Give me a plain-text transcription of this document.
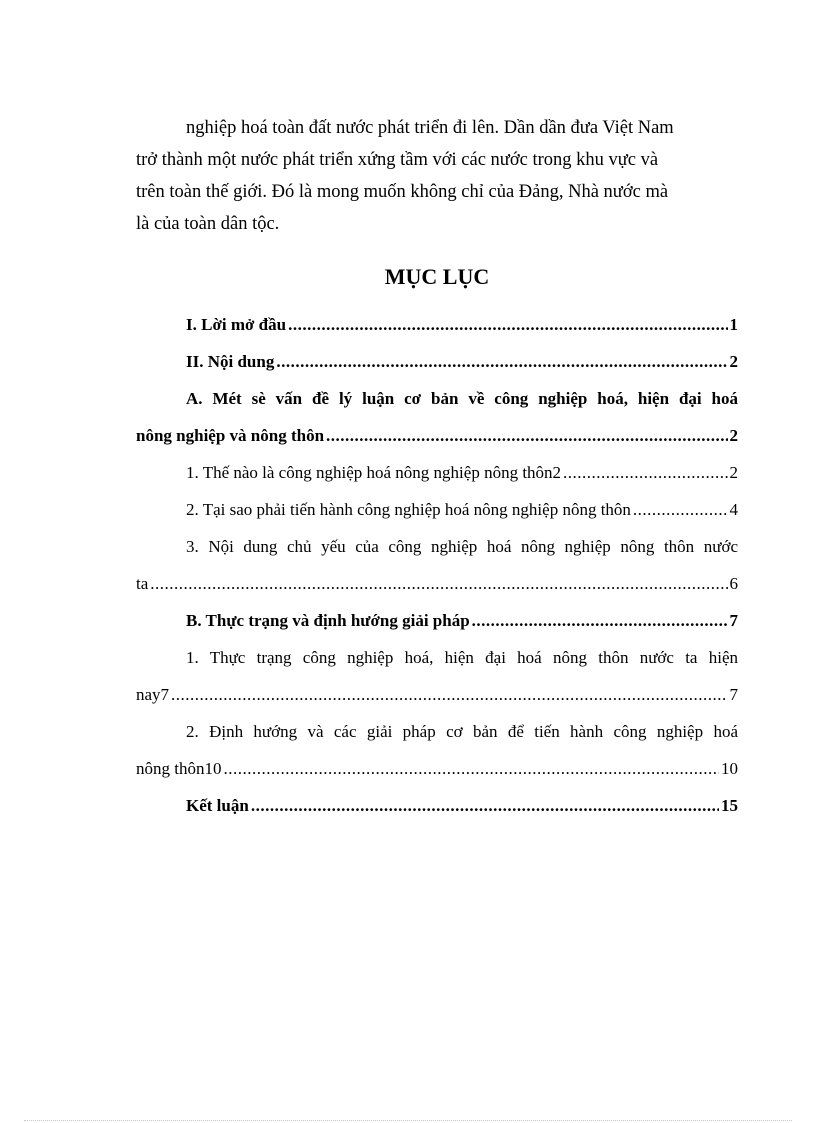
nghiệp hoá toàn đất nước phát triển đi lên. Dần dần đưa Việt Nam

trở thành một nước phát triển xứng tầm với các nước trong khu vực và

trên toàn thế giới. Đó là mong muốn không chỉ của Đảng, Nhà nước mà

là của toàn dân tộc.

MỤC LỤC
I. Lời mở đầu .....	1
II. Nội dung .....	2
A. Mét sè vấn đề lý luận cơ bản về công nghiệp hoá, hiện đại hoá
nông nghiệp và nông thôn .....	2
1. Thế nào là công nghiệp hoá nông nghiệp nông thôn2 .....	2
2. Tại sao phải tiến hành công nghiệp hoá nông nghiệp nông thôn .....	4
3. Nội dung chủ yếu của công nghiệp hoá nông nghiệp nông thôn nước
ta .....	6
B. Thực trạng và định hướng giải pháp .....	7
1. Thực trạng công nghiệp hoá, hiện đại hoá nông thôn nước ta hiện
nay7 .....	7
2. Định hướng và các giải pháp cơ bản để tiến hành công nghiệp hoá
nông thôn10 .....	10
Kết luận .....	15
